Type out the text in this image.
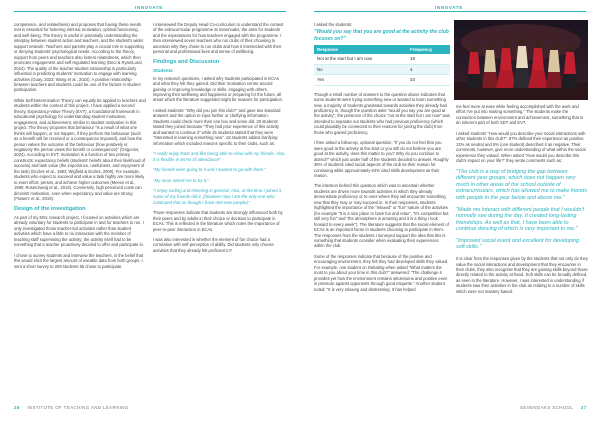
INNOVATE

competence, and relatedness) and proposes that having these needs met is essential for fostering intrinsic motivation, optimal functioning, and well-being. The theory is useful in potentially understanding the interplay between student action and teachers, and the student's wider support network. Teachers and parents play a crucial role in supporting or denying students' psychological needs. According to the theory, support from peers and teachers also fosters relatedness, which then promotes engagement and self-regulated learning (Deci & Ryan/Lund, 2024). The quality of the teacher-student relationship is particularly influential in predicting students' motivation to engage with learning activities (Guay, 2022; Wang et al., 2024). A positive relationship between teachers and students could be one of the factors in student participation.

While Self-Determination Theory can equally be applied to teachers and students within the context of this project, I have applied a second theory, Expectancy-Value Theory (EVT), a foundational framework in educational psychology for understanding student motivation, engagement, and achievement, similar to student motivation in this project. The theory proposes that behaviour "is a result of what one thinks will happen, or not happen, if they perform the behaviour (such as a benefit will be received or a consequence imposed), and how the person values the outcome of the behaviour (how positively or negatively the person views the benefit or consequence)" (Grigorios, 2024). According to EVT, motivation is a function of two primary constructs: expectancy beliefs (students' beliefs about their likelihood of success) and task value (the importance, usefulness, and enjoyment of the task) (Eccles et al., 1983; Wigfield & Eccles, 2000). For example, students who expect to succeed and value a task highly are more likely to exert effort, persist, and achieve higher outcomes (Meece et al., 1990; Rosenzweig et al., 2019). Conversely, high perceived costs can diminish motivation, even when expectancy and value are strong (Flowerz et al., 2019).

Design of the investigation

As part of my MSc research project, I focused on activities which are already voluntary for students to participate in and for teachers to run. I only investigated those teacher-led activities rather than student activities which have a little to no interaction with the member of teaching staff supervising the activity; the activity itself had to be something that a teacher proactively decided to offer and participate in.

I chose to survey students and interview the teachers, in the belief that this would elicit the largest amount of useable data from both groups. I sent a short survey to 209 students 55 chose to participate.

I interviewed the Deputy Head Co-curriculum to understand the context of the extracurricular programme at Sevenoaks, the aims for students and the expectations for how teachers engaged with the programme. I then interviewed seven teachers who run clubs of their choosing to ascertain why they chose to run clubs and how it intersected with their personal and professional lives and sense of wellbeing.

Findings and Discussion
Students

In my research questions, I asked why students participated in ECAs and what they felt they gained. Did their motivation centre around gaining or improving knowledge or skills, engaging with others, improving their wellbeing and happiness or preparing for the future, all areas which the literature suggested might be reasons for participation.

I asked students: "Why did you join this club?" and gave two standard answers and the option to input further or clarifying information. Students could check more than one box and some did. 28 students stated they joined because "They had prior experience of this activity and wanted to continue it" while 25 students stated that they were "Interested in learning something new". 18 students added clarifying information which included reasons specific to their clubs, such as:

"I really enjoy D&D and like being able to relax with my friends. Also, it is flexible in terms of attendance"
"My friends were going to it and I wanted to go with them."
"My mum asked me to try it."
"I enjoy coding and tinkering in general. Also, at the time I joined it some of my friends did it, (however now I am the only one who continued that so though I have met new people)"

Those responses indicate that students are strongly influenced both by their peers and by adults in their choice or decision to participate in ECAs. This is reflected in the literature which notes the importance of peer-to-peer interaction in ECAs.

I was also interested in whether the element of fun choice had a correlation with self-perception of ability. Did students only choose activities that they already felt proficient in?

26 INSTITUTE OF TEACHING AND LEARNING
INNOVATE

I asked the students:

"Would you say that you are good at the activity the club focuses on?"
Response	Frequency
Not at the start but I am now	18
No	4
Yes	33

Though a small number of answers to the question above indicates that some students were trying something new or wanted to learn something new, a majority of students gravitated towards activities they already had proficiency in, though the question asks "would you say you are good at the activity", the presence of the choice "not at the start but I am now" was intended to separate out students who had previous proficiency (which could plausibly be connected to their reasons for joining the club) from those who gained proficiency.

I then asked a follow-up, optional question, "If you do not feel that you were good at the activity at the start or you still do not believe you are good at the activity, does this matter to you? Why do you continue to attend?" which just under half of the students decided to answer. Roughly 36% of students cited social aspects of the club as their reason for continuing while approximately 64% cited skills development as their reason.

The intention behind this question which was to ascertain whether students are driven more towards activities in which they already demonstrate proficiency or to ones where they will encounter something new that they may or may succeed in. In their responses, students highlighted the importance of the "relaxed" or "fun" nature of the activities (for example "It is a nice place to have fun and relax", "It's competitive but still very fun" and "the atmosphere is amazing and it is a thing I look forward to every week"). The literature suggests that the social element of ECAs is an important factor in students choosing to participate in them. The responses from the students I surveyed support the idea that this is something that students consider when evaluating their experiences within the club.

Some of the responses indicate that because of the positive and encouraging environment, they felt they had developed skills they valued. For example, one student on Debating when asked "What matters the most to you about your time in this club?" answered: "The challenge it provides yet how the environment remains wholesome and positive even in pressure against opponents through good etiquette." Another student noted: "It is very relaxing and destressing. It has helped

me feel more at ease while feeling accomplished with the work and effort I've put into making something." The students make the connection between environment and achievement, something that is an inherent part of both SDT and EVT.

I asked students "How would you describe your social interactions with other students in this club?". 87% defined their experience as positive, 13% as neutral and 0% (one student) described it as negative. Their comments, however, give more understanding of what within the social experience they valued. When asked "How would you describe this club's impact on your life?" they wrote comments such as:

"The club is a way of bridging the gap between different year groups, which does not happen very much in other areas of the school outside of extracurriculars, which has allowed me to make friends with people in the year below and above me."
"Made me interact with different people that I wouldn't normally see during the day. It created long-lasting friendships. As well as that, I have been able to continue dancing of which is very important to me."
"Improved social event and excellent for developing soft skills."

It is clear from the responses given by the students that not only do they value the social interactions and development that they encounter in their clubs, they also recognise that they are gaining skills beyond those directly related to the activity at hand. Soft skills can be broadly defined, as seen in the literature. However, I was interested in understanding if students saw their activities in the club as relating to a number of skills which were not mastery based.

SEVENOAKS SCHOOL 27
